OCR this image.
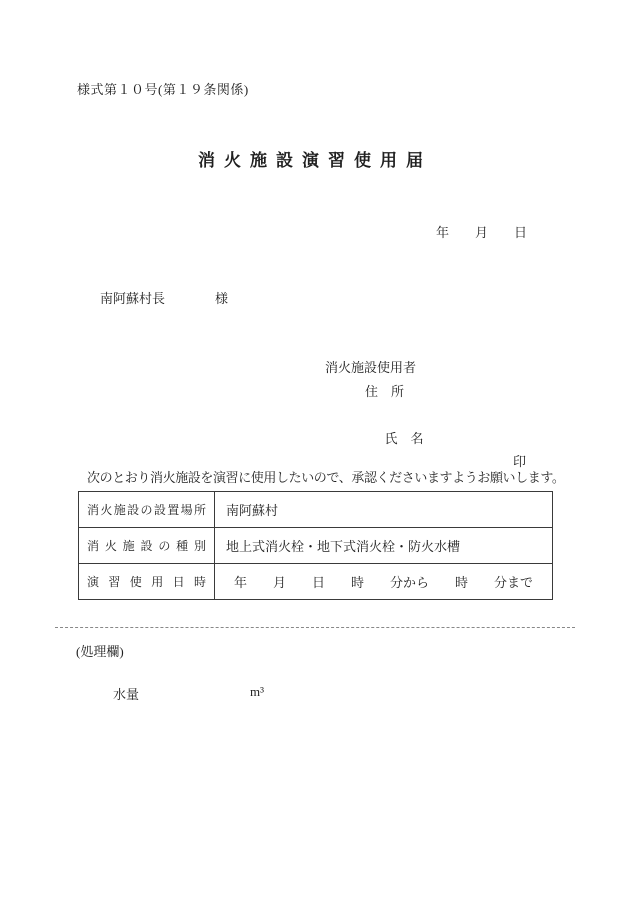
様式第１０号(第１９条関係)
消火施設演習使用届
年　　月　　日
南阿蘇村長	様
消火施設使用者
住　所

氏　名

印

次のとおり消火施設を演習に使用したいので、承認くださいますようお願いします。
消火施設の設置場所	南阿蘇村
消火施設の種別	地上式消火栓・地下式消火栓・防火水槽
演習使用日時	年　　月　　日　　時　　分から　　時　　分まで
(処理欄)
水量	m³
